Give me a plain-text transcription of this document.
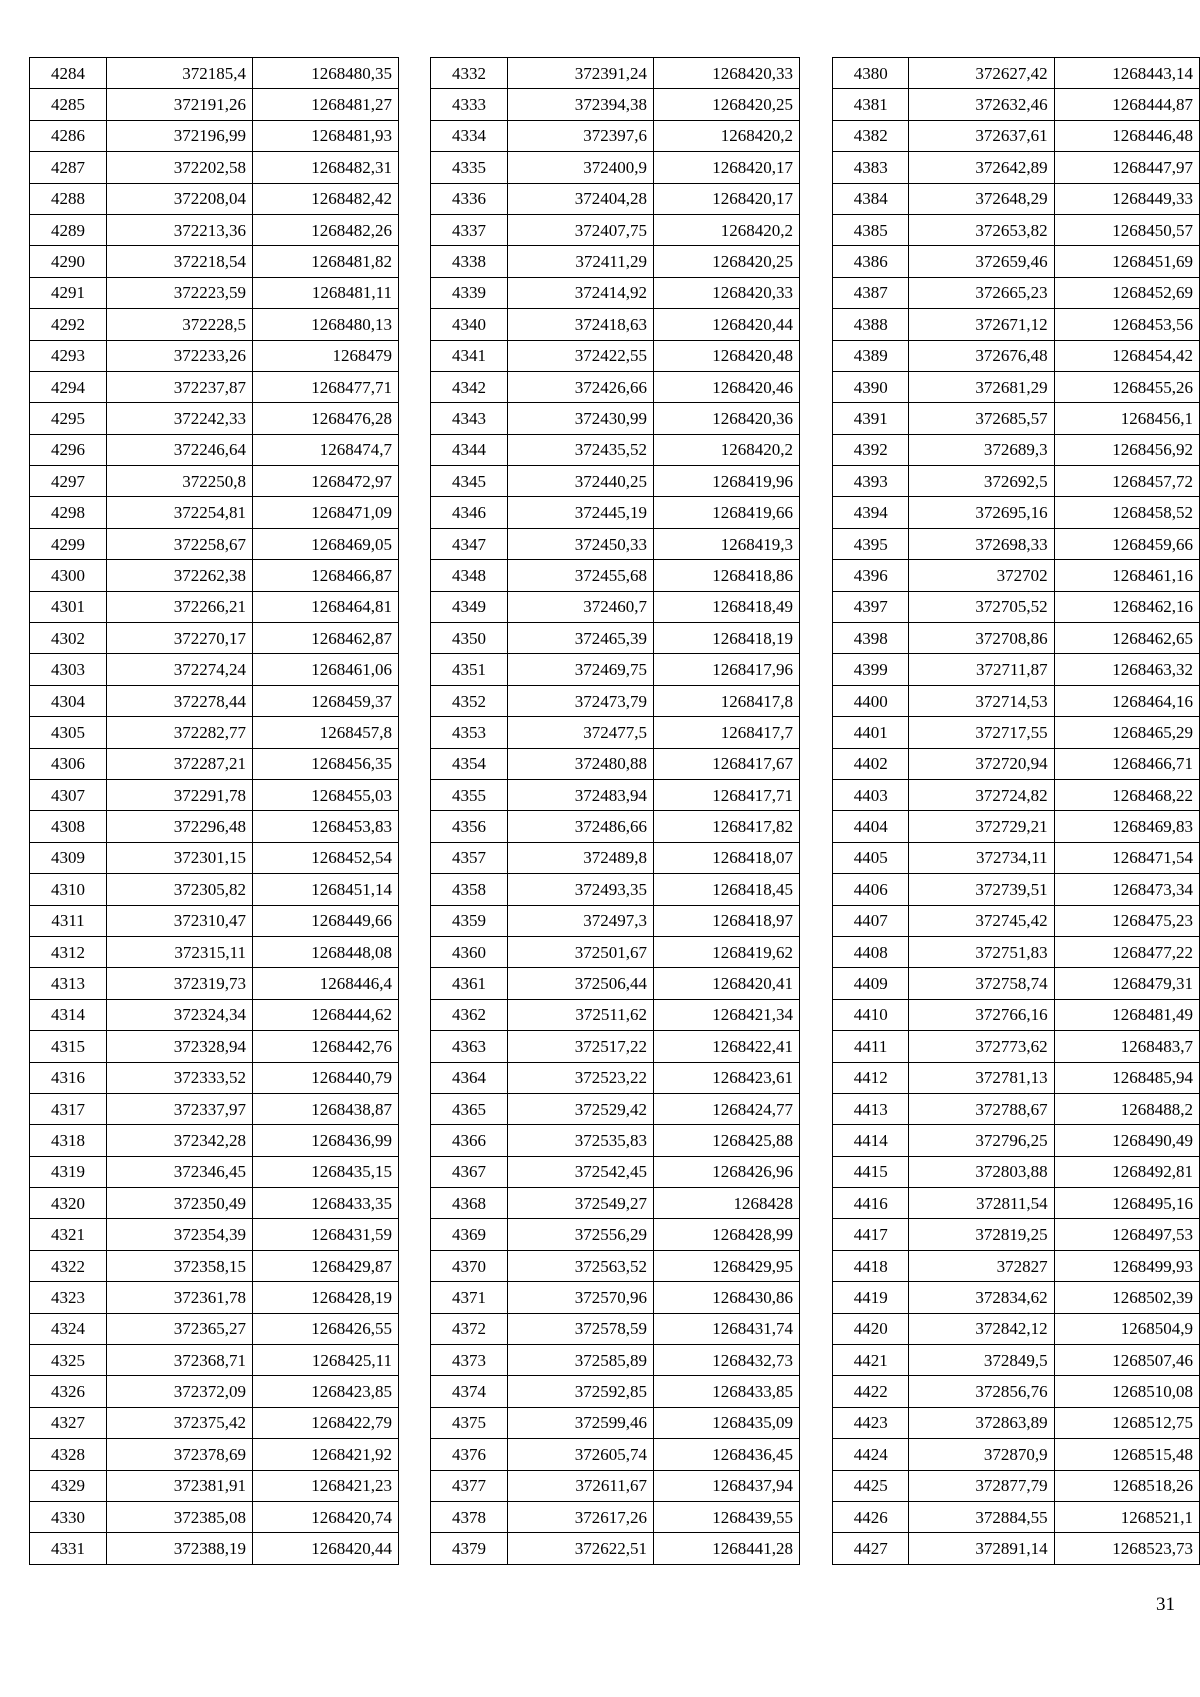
4284	372185,4	1268480,35
4285	372191,26	1268481,27
4286	372196,99	1268481,93
4287	372202,58	1268482,31
4288	372208,04	1268482,42
4289	372213,36	1268482,26
4290	372218,54	1268481,82
4291	372223,59	1268481,11
4292	372228,5	1268480,13
4293	372233,26	1268479
4294	372237,87	1268477,71
4295	372242,33	1268476,28
4296	372246,64	1268474,7
4297	372250,8	1268472,97
4298	372254,81	1268471,09
4299	372258,67	1268469,05
4300	372262,38	1268466,87
4301	372266,21	1268464,81
4302	372270,17	1268462,87
4303	372274,24	1268461,06
4304	372278,44	1268459,37
4305	372282,77	1268457,8
4306	372287,21	1268456,35
4307	372291,78	1268455,03
4308	372296,48	1268453,83
4309	372301,15	1268452,54
4310	372305,82	1268451,14
4311	372310,47	1268449,66
4312	372315,11	1268448,08
4313	372319,73	1268446,4
4314	372324,34	1268444,62
4315	372328,94	1268442,76
4316	372333,52	1268440,79
4317	372337,97	1268438,87
4318	372342,28	1268436,99
4319	372346,45	1268435,15
4320	372350,49	1268433,35
4321	372354,39	1268431,59
4322	372358,15	1268429,87
4323	372361,78	1268428,19
4324	372365,27	1268426,55
4325	372368,71	1268425,11
4326	372372,09	1268423,85
4327	372375,42	1268422,79
4328	372378,69	1268421,92
4329	372381,91	1268421,23
4330	372385,08	1268420,74
4331	372388,19	1268420,44
4332	372391,24	1268420,33
4333	372394,38	1268420,25
4334	372397,6	1268420,2
4335	372400,9	1268420,17
4336	372404,28	1268420,17
4337	372407,75	1268420,2
4338	372411,29	1268420,25
4339	372414,92	1268420,33
4340	372418,63	1268420,44
4341	372422,55	1268420,48
4342	372426,66	1268420,46
4343	372430,99	1268420,36
4344	372435,52	1268420,2
4345	372440,25	1268419,96
4346	372445,19	1268419,66
4347	372450,33	1268419,3
4348	372455,68	1268418,86
4349	372460,7	1268418,49
4350	372465,39	1268418,19
4351	372469,75	1268417,96
4352	372473,79	1268417,8
4353	372477,5	1268417,7
4354	372480,88	1268417,67
4355	372483,94	1268417,71
4356	372486,66	1268417,82
4357	372489,8	1268418,07
4358	372493,35	1268418,45
4359	372497,3	1268418,97
4360	372501,67	1268419,62
4361	372506,44	1268420,41
4362	372511,62	1268421,34
4363	372517,22	1268422,41
4364	372523,22	1268423,61
4365	372529,42	1268424,77
4366	372535,83	1268425,88
4367	372542,45	1268426,96
4368	372549,27	1268428
4369	372556,29	1268428,99
4370	372563,52	1268429,95
4371	372570,96	1268430,86
4372	372578,59	1268431,74
4373	372585,89	1268432,73
4374	372592,85	1268433,85
4375	372599,46	1268435,09
4376	372605,74	1268436,45
4377	372611,67	1268437,94
4378	372617,26	1268439,55
4379	372622,51	1268441,28
4380	372627,42	1268443,14
4381	372632,46	1268444,87
4382	372637,61	1268446,48
4383	372642,89	1268447,97
4384	372648,29	1268449,33
4385	372653,82	1268450,57
4386	372659,46	1268451,69
4387	372665,23	1268452,69
4388	372671,12	1268453,56
4389	372676,48	1268454,42
4390	372681,29	1268455,26
4391	372685,57	1268456,1
4392	372689,3	1268456,92
4393	372692,5	1268457,72
4394	372695,16	1268458,52
4395	372698,33	1268459,66
4396	372702	1268461,16
4397	372705,52	1268462,16
4398	372708,86	1268462,65
4399	372711,87	1268463,32
4400	372714,53	1268464,16
4401	372717,55	1268465,29
4402	372720,94	1268466,71
4403	372724,82	1268468,22
4404	372729,21	1268469,83
4405	372734,11	1268471,54
4406	372739,51	1268473,34
4407	372745,42	1268475,23
4408	372751,83	1268477,22
4409	372758,74	1268479,31
4410	372766,16	1268481,49
4411	372773,62	1268483,7
4412	372781,13	1268485,94
4413	372788,67	1268488,2
4414	372796,25	1268490,49
4415	372803,88	1268492,81
4416	372811,54	1268495,16
4417	372819,25	1268497,53
4418	372827	1268499,93
4419	372834,62	1268502,39
4420	372842,12	1268504,9
4421	372849,5	1268507,46
4422	372856,76	1268510,08
4423	372863,89	1268512,75
4424	372870,9	1268515,48
4425	372877,79	1268518,26
4426	372884,55	1268521,1
4427	372891,14	1268523,73
31
